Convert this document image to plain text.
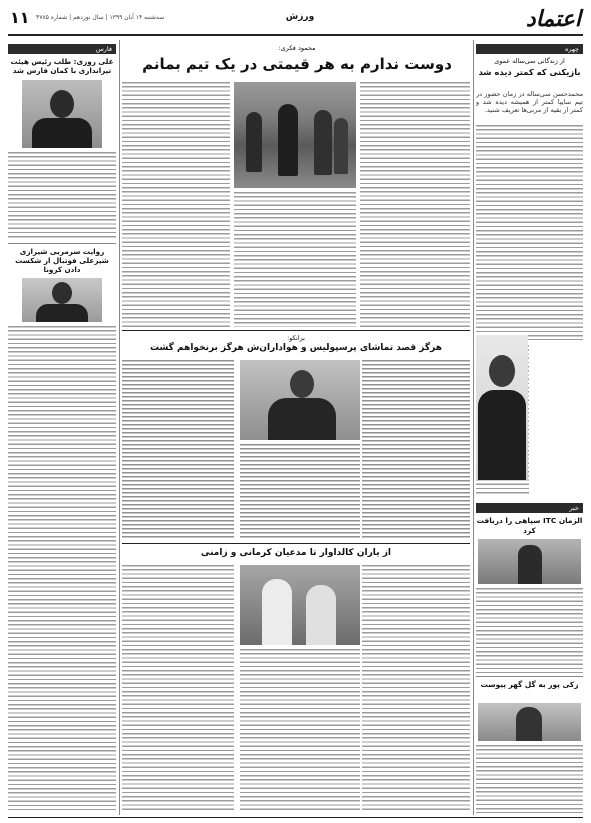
اعتماد
ورزش
۱۱ سه‌شنبه ۱۴ آبان ۱۳۹۹ | سال نوزدهم | شماره ۴۷۸۵
چهره
از زندگانی سی‌ساله عموی
بازیکنی که کمتر دیده شد
محمدحسن سی‌ساله در زمان حضور در تیم سایپا کمتر از همیشه دیده شد و کمتر از بقیه از مربی‌ها تعریف شنید.
محمود فکری:
دوست ندارم به هر قیمتی در یک تیم بمانم
فارس
علی روزی: طلب رئیس هیئت تیراندازی با کمان فارس شد
روایت سرمربی شیرازی شیرعلی فوتبال از شکست دادن کرونا
برانکو:
هرگز قصد تماشای پرسپولیس و هواداران‌ش هرگز برنخواهم گشت
از یاران کالداوار تا مدعیان کرمانی و زامنی
خبر
الزمان ITC سپاهی را دریافت کرد
زکی پور به گل گهر پیوست
